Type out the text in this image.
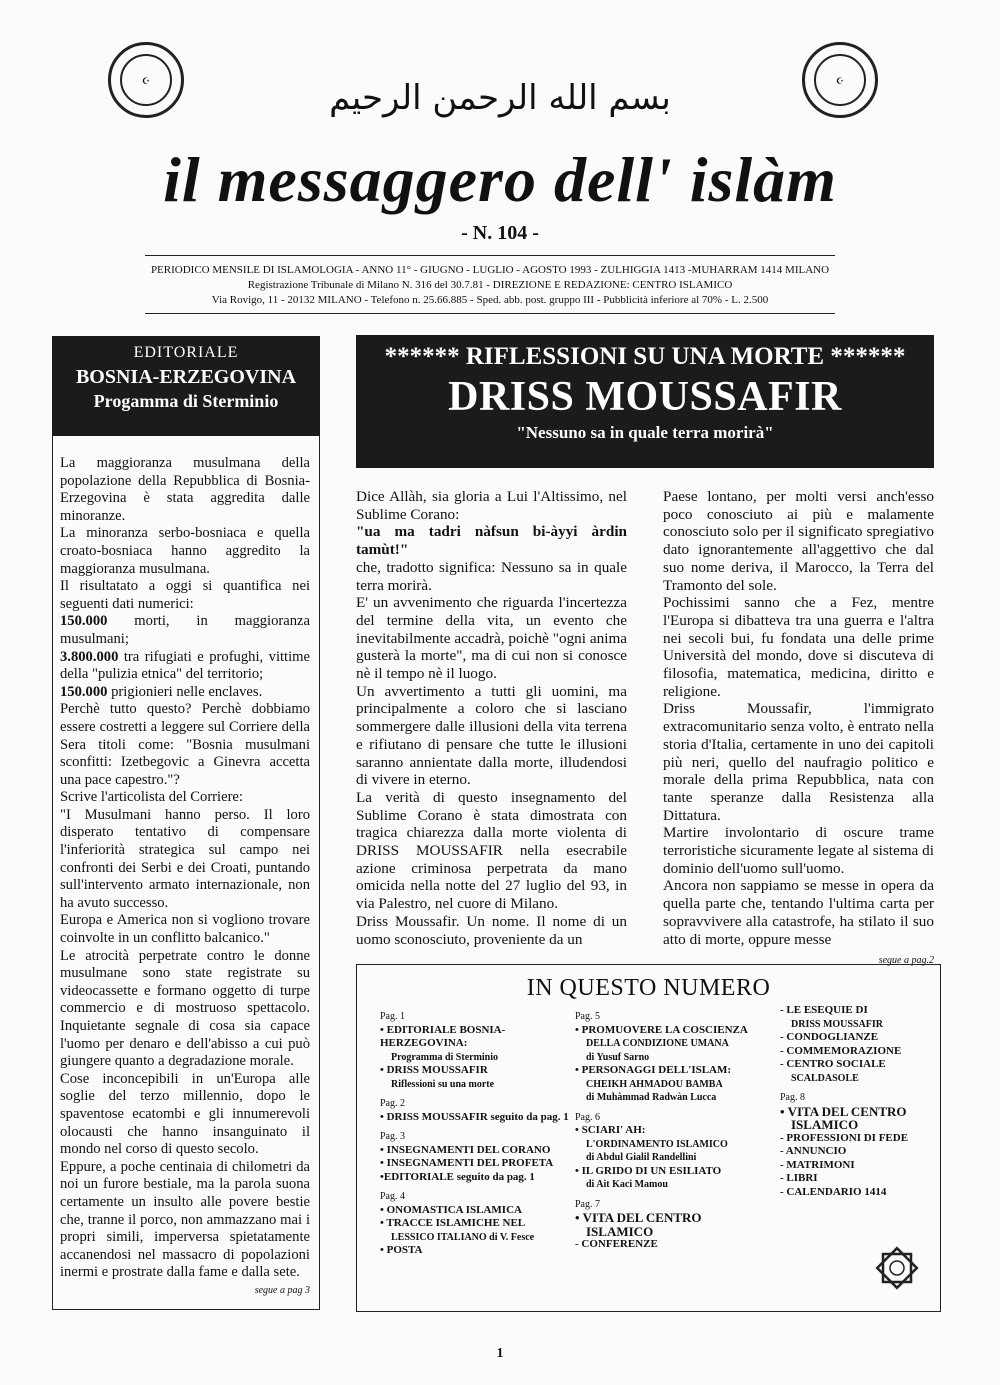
☪	☪
بسم الله الرحمن الرحيم
il messaggero dell' islàm
- N. 104 -
PERIODICO MENSILE DI ISLAMOLOGIA - ANNO 11° - GIUGNO - LUGLIO - AGOSTO 1993 - ZULHIGGIA 1413 -MUHARRAM 1414 MILANO
Registrazione Tribunale di Milano N. 316 del 30.7.81 - DIREZIONE E REDAZIONE: CENTRO ISLAMICO
Via Rovigo, 11 - 20132 MILANO - Telefono n. 25.66.885 - Sped. abb. post. gruppo III - Pubblicità inferiore al 70% - L. 2.500
EDITORIALE
BOSNIA-ERZEGOVINA
Progamma di Sterminio

La maggioranza musulmana della popolazione della Repubblica di Bosnia-Erzegovina è stata aggredita dalle minoranze.

La minoranza serbo-bosniaca e quella croato-bosniaca hanno aggredito la maggioranza musulmana.

Il risultatato a oggi si quantifica nei seguenti dati numerici:

150.000 morti, in maggioranza musulmani;

3.800.000 tra rifugiati e profughi, vittime della "pulizia etnica" del territorio;

150.000 prigionieri nelle enclaves.

Perchè tutto questo? Perchè dobbiamo essere costretti a leggere sul Corriere della Sera titoli come: "Bosnia musulmani sconfitti: Izetbegovic a Ginevra accetta una pace capestro."?

Scrive l'articolista del Corriere:

"I Musulmani hanno perso. Il loro disperato tentativo di compensare l'inferiorità strategica sul campo nei confronti dei Serbi e dei Croati, puntando sull'intervento armato internazionale, non ha avuto successo.

Europa e America non si vogliono trovare coinvolte in un conflitto balcanico."

Le atrocità perpetrate contro le donne musulmane sono state registrate su videocassette e formano oggetto di turpe commercio e di mostruoso spettacolo. Inquietante segnale di cosa sia capace l'uomo per denaro e dell'abisso a cui può giungere quanto a degradazione morale.

Cose inconcepibili in un'Europa alle soglie del terzo millennio, dopo le spaventose ecatombi e gli innumerevoli olocausti che hanno insanguinato il mondo nel corso di questo secolo.

Eppure, a poche centinaia di chilometri da noi un furore bestiale, ma la parola suona certamente un insulto alle povere bestie che, tranne il porco, non ammazzano mai i propri simili, imperversa spietatamente accanendosi nel massacro di popolazioni inermi e prostrate dalla fame e dalla sete.

segue a pag 3
****** RIFLESSIONI SU UNA MORTE ******
DRISS MOUSSAFIR
"Nessuno sa in quale terra morirà"

Dice Allàh, sia gloria a Lui l'Altissimo, nel Sublime Corano:

"ua ma tadri nàfsun bi-àyyi àrdin tamùt!"

che, tradotto significa: Nessuno sa in quale terra morirà.

E' un avvenimento che riguarda l'incertezza del termine della vita, un evento che inevitabilmente accadrà, poichè "ogni anima gusterà la morte", ma di cui non si conosce nè il tempo nè il luogo.

Un avvertimento a tutti gli uomini, ma principalmente a coloro che si lasciano sommergere dalle illusioni della vita terrena e rifiutano di pensare che tutte le illusioni saranno annientate dalla morte, illudendosi di vivere in eterno.

La verità di questo insegnamento del Sublime Corano è stata dimostrata con tragica chiarezza dalla morte violenta di DRISS MOUSSAFIR nella esecrabile azione criminosa perpetrata da mano omicida nella notte del 27 luglio del 93, in via Palestro, nel cuore di Milano.

Driss Moussafir. Un nome. Il nome di un uomo sconosciuto, proveniente da un

Paese lontano, per molti versi anch'esso poco conosciuto ai più e malamente conosciuto solo per il significato spregiativo dato ignorantemente all'aggettivo che dal suo nome deriva, il Marocco, la Terra del Tramonto del sole.

Pochissimi sanno che a Fez, mentre l'Europa si dibatteva tra una guerra e l'altra nei secoli bui, fu fondata una delle prime Università del mondo, dove si discuteva di filosofia, matematica, medicina, diritto e religione.

Driss Moussafir, l'immigrato extracomunitario senza volto, è entrato nella storia d'Italia, certamente in uno dei capitoli più neri, quello del naufragio politico e morale della prima Repubblica, nata con tante speranze dalla Resistenza alla Dittatura.

Martire involontario di oscure trame terroristiche sicuramente legate al sistema di dominio dell'uomo sull'uomo.

Ancora non sappiamo se messe in opera da quella parte che, tentando l'ultima carta per sopravvivere alla catastrofe, ha stilato il suo atto di morte, oppure messe

segue a pag.2
IN QUESTO NUMERO
Pag. 1
• EDITORIALE BOSNIA-HERZEGOVINA:
Programma di Sterminio
• DRISS MOUSSAFIR
Riflessioni su una morte
Pag. 2
• DRISS MOUSSAFIR seguito da pag. 1
Pag. 3
• INSEGNAMENTI DEL CORANO
• INSEGNAMENTI DEL PROFETA
•EDITORIALE seguito da pag. 1
Pag. 4
• ONOMASTICA ISLAMICA
• TRACCE ISLAMICHE NEL
LESSICO ITALIANO di V. Fesce
• POSTA
Pag. 5
• PROMUOVERE LA COSCIENZA
DELLA CONDIZIONE UMANA
di Yusuf Sarno
• PERSONAGGI DELL'ISLAM:
CHEIKH AHMADOU BAMBA
di Muhàmmad Radwàn Lucca
Pag. 6
• SCIARI' AH:
L'ORDINAMENTO ISLAMICO
di Abdul Gialil Randellini
• IL GRIDO DI UN ESILIATO
di Ait Kaci Mamou
Pag. 7
• VITA DEL CENTRO
ISLAMICO
- CONFERENZE
- LE ESEQUIE DI
DRISS MOUSSAFIR
- CONDOGLIANZE
- COMMEMORAZIONE
- CENTRO SOCIALE
SCALDASOLE
Pag. 8
• VITA DEL CENTRO
ISLAMICO
- PROFESSIONI DI FEDE
- ANNUNCIO
- MATRIMONI
- LIBRI
- CALENDARIO 1414
1
